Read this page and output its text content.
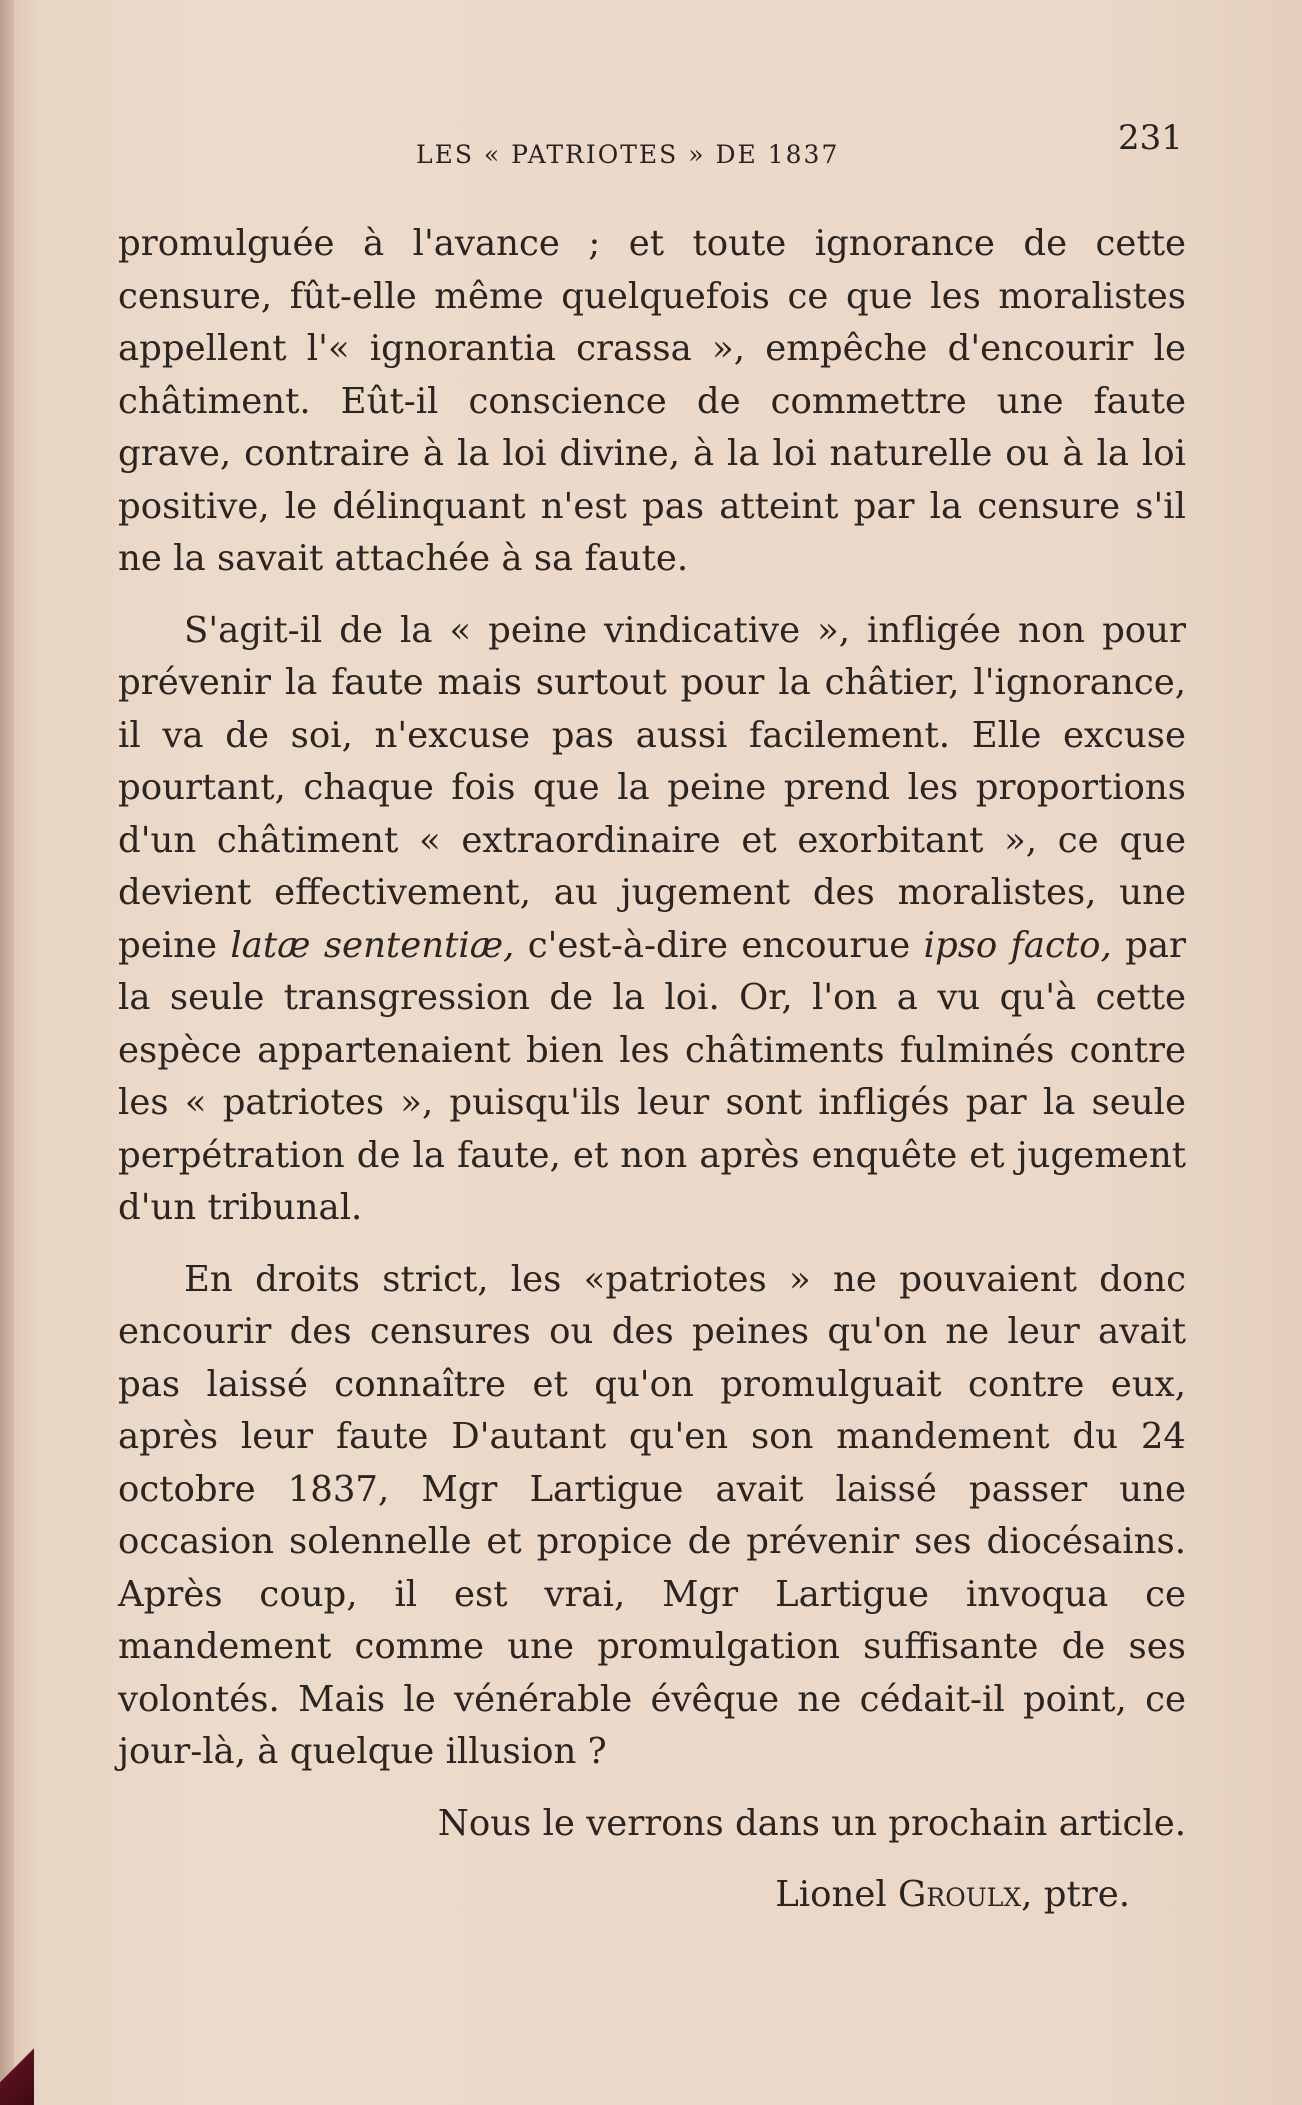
LES « PATRIOTES » DE 1837	231

promulguée à l'avance ; et toute ignorance de cette censure, fût-elle même quelquefois ce que les moralistes appellent l'« ignorantia crassa », empêche d'encourir le châtiment. Eût-il conscience de commettre une faute grave, contraire à la loi divine, à la loi naturelle ou à la loi positive, le délinquant n'est pas atteint par la censure s'il ne la savait attachée à sa faute.

S'agit-il de la « peine vindicative », infligée non pour prévenir la faute mais surtout pour la châtier, l'ignorance, il va de soi, n'excuse pas aussi facilement. Elle excuse pourtant, chaque fois que la peine prend les proportions d'un châtiment « extraordinaire et exorbitant », ce que devient effectivement, au jugement des moralistes, une peine latæ sententiæ, c'est-à-dire encourue ipso facto, par la seule transgression de la loi. Or, l'on a vu qu'à cette espèce appartenaient bien les châtiments fulminés contre les « patriotes », puisqu'ils leur sont infligés par la seule perpétration de la faute, et non après enquête et jugement d'un tribunal.

En droits strict, les «patriotes » ne pouvaient donc encourir des censures ou des peines qu'on ne leur avait pas laissé connaître et qu'on promulguait contre eux, après leur faute D'autant qu'en son mandement du 24 octobre 1837, Mgr Lartigue avait laissé passer une occasion solennelle et propice de prévenir ses diocésains. Après coup, il est vrai, Mgr Lartigue invoqua ce mandement comme une promulgation suffisante de ses volontés. Mais le vénérable évêque ne cédait-il point, ce jour-là, à quelque illusion ?

Nous le verrons dans un prochain article.

Lionel Groulx, ptre.
